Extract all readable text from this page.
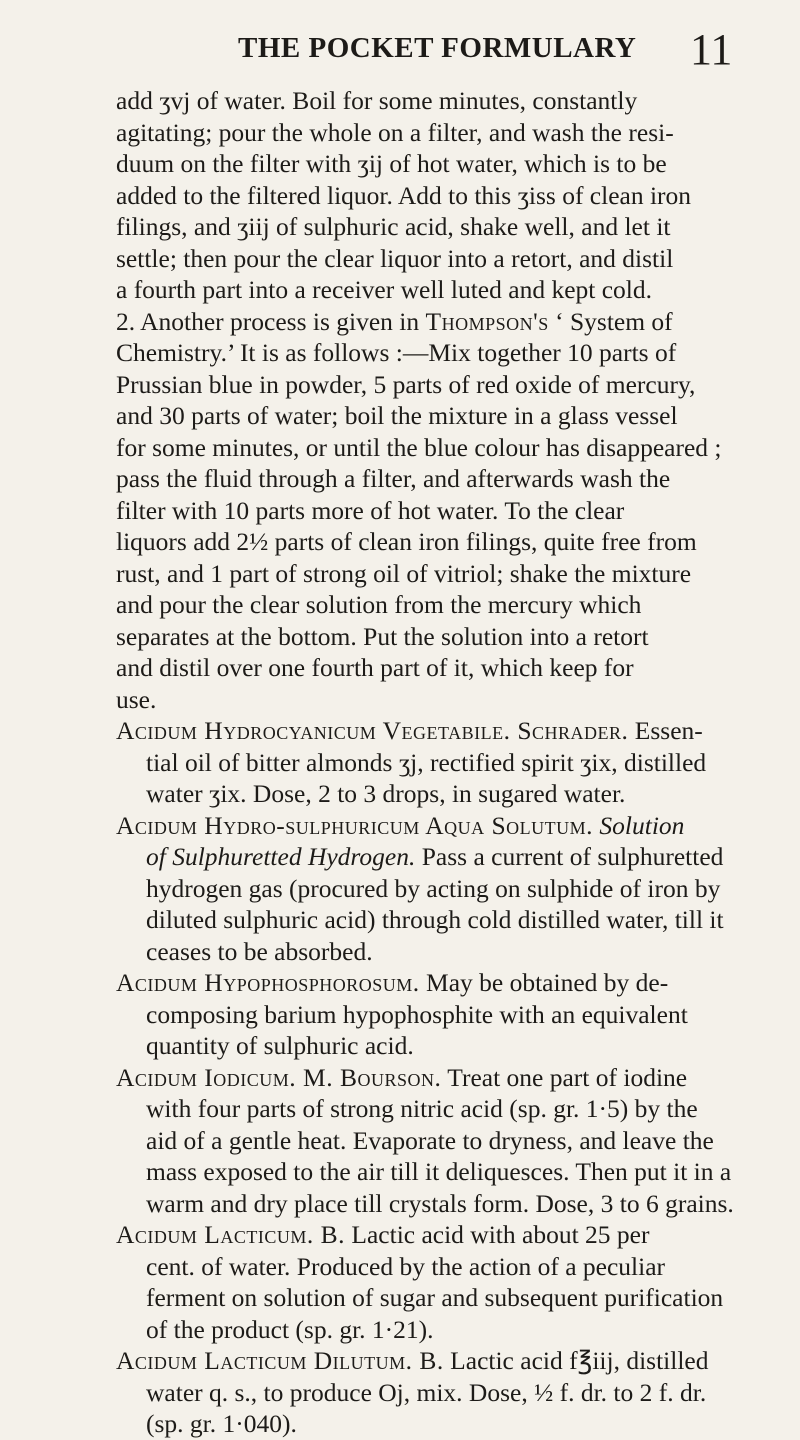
THE POCKET FORMULARY 11
add ʒvj of water. Boil for some minutes, constantly
agitating; pour the whole on a filter, and wash the resi-
duum on the filter with ʒij of hot water, which is to be
added to the filtered liquor. Add to this ʒiss of clean iron
filings, and ʒiij of sulphuric acid, shake well, and let it
settle; then pour the clear liquor into a retort, and distil
a fourth part into a receiver well luted and kept cold.
2. Another process is given in Thompson's ‘ System of
Chemistry.’ It is as follows :—Mix together 10 parts of
Prussian blue in powder, 5 parts of red oxide of mercury,
and 30 parts of water; boil the mixture in a glass vessel
for some minutes, or until the blue colour has disappeared ;
pass the fluid through a filter, and afterwards wash the
filter with 10 parts more of hot water. To the clear
liquors add 2½ parts of clean iron filings, quite free from
rust, and 1 part of strong oil of vitriol; shake the mixture
and pour the clear solution from the mercury which
separates at the bottom. Put the solution into a retort
and distil over one fourth part of it, which keep for
use.
Acidum Hydrocyanicum Vegetabile. Schrader. Essen-
tial oil of bitter almonds ʒj, rectified spirit ʒix, distilled
water ʒix. Dose, 2 to 3 drops, in sugared water.
Acidum Hydro-sulphuricum Aqua Solutum. Solution
of Sulphuretted Hydrogen. Pass a current of sulphuretted
hydrogen gas (procured by acting on sulphide of iron by
diluted sulphuric acid) through cold distilled water, till it
ceases to be absorbed.
Acidum Hypophosphorosum. May be obtained by de-
composing barium hypophosphite with an equivalent
quantity of sulphuric acid.
Acidum Iodicum. M. Bourson. Treat one part of iodine
with four parts of strong nitric acid (sp. gr. 1·5) by the
aid of a gentle heat. Evaporate to dryness, and leave the
mass exposed to the air till it deliquesces. Then put it in a
warm and dry place till crystals form. Dose, 3 to 6 grains.
Acidum Lacticum. B. Lactic acid with about 25 per
cent. of water. Produced by the action of a peculiar
ferment on solution of sugar and subsequent purification
of the product (sp. gr. 1·21).
Acidum Lacticum Dilutum. B. Lactic acid f℥iij, distilled
water q. s., to produce Oj, mix. Dose, ½ f. dr. to 2 f. dr.
(sp. gr. 1·040).
